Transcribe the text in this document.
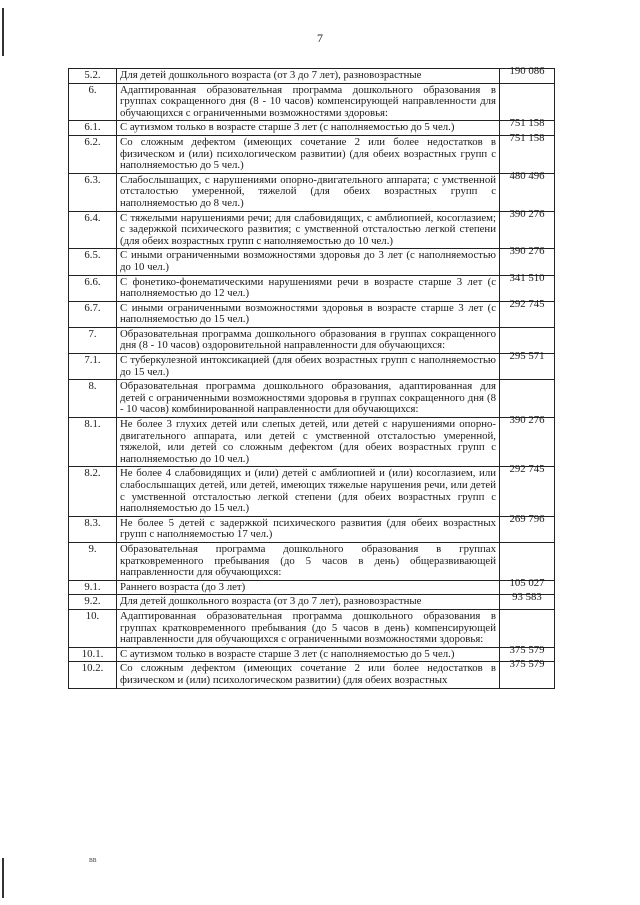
7
5.2.	Для детей дошкольного возраста (от 3 до 7 лет), разновозрастные	190 086

6.	Адаптированная образовательная программа дошкольного образования в группах сокращенного дня (8 - 10 часов) компенсирующей направленности для обучающихся с ограниченными возможностями здоровья:	

6.1.	С аутизмом только в возрасте старше 3 лет (с наполняемостью до 5 чел.)	751 158

6.2.	Со сложным дефектом (имеющих сочетание 2 или более недостатков в физическом и (или) психологическом развитии) (для обеих возрастных групп с наполняемостью до 5 чел.)	751 158

6.3.	Слабослышащих, с нарушениями опорно-двигательного аппарата; с умственной отсталостью умеренной, тяжелой (для обеих возрастных групп с наполняемостью до 8 чел.)	480 496

6.4.	С тяжелыми нарушениями речи; для слабовидящих, с амблиопией, косоглазием; с задержкой психического развития; с умственной отсталостью легкой степени (для обеих возрастных групп с наполняемостью до 10 чел.)	390 276

6.5.	С иными ограниченными возможностями здоровья до 3 лет (с наполняемостью до 10 чел.)	390 276

6.6.	С фонетико-фонематическими нарушениями речи в возрасте старше 3 лет (с наполняемостью до 12 чел.)	341 510

6.7.	С иными ограниченными возможностями здоровья в возрасте старше 3 лет (с наполняемостью до 15 чел.)	292 745

7.	Образовательная программа дошкольного образования в группах сокращенного дня (8 - 10 часов) оздоровительной направленности для обучающихся:	

7.1.	С туберкулезной интоксикацией (для обеих возрастных групп с наполняемостью до 15 чел.)	295 571

8.	Образовательная программа дошкольного образования, адаптированная для детей с ограниченными возможностями здоровья в группах сокращенного дня (8 - 10 часов) комбинированной направленности для обучающихся:	

8.1.	Не более 3 глухих детей или слепых детей, или детей с нарушениями опорно-двигательного аппарата, или детей с умственной отсталостью умеренной, тяжелой, или детей со сложным дефектом (для обеих возрастных групп с наполняемостью до 10 чел.)	390 276

8.2.	Не более 4 слабовидящих и (или) детей с амблиопией и (или) косоглазием, или слабослышащих детей, или детей, имеющих тяжелые нарушения речи, или детей с умственной отсталостью легкой степени (для обеих возрастных групп с наполняемостью до 15 чел.)	292 745

8.3.	Не более 5 детей с задержкой психического развития (для обеих возрастных групп с наполняемостью 17 чел.)	269 796

9.	Образовательная программа дошкольного образования в группах кратковременного пребывания (до 5 часов в день) общеразвивающей направленности для обучающихся:	

9.1.	Раннего возраста (до 3 лет)	105 027

9.2.	Для детей дошкольного возраста (от 3 до 7 лет), разновозрастные	93 583

10.	Адаптированная образовательная программа дошкольного образования в группах кратковременного пребывания (до 5 часов в день) компенсирующей направленности для обучающихся с ограниченными возможностями здоровья:	

10.1.	С аутизмом только в возрасте старше 3 лет (с наполняемостью до 5 чел.)	375 579

10.2.	Со сложным дефектом (имеющих сочетание 2 или более недостатков в физическом и (или) психологическом развитии) (для обеих возрастных	375 579
вв
